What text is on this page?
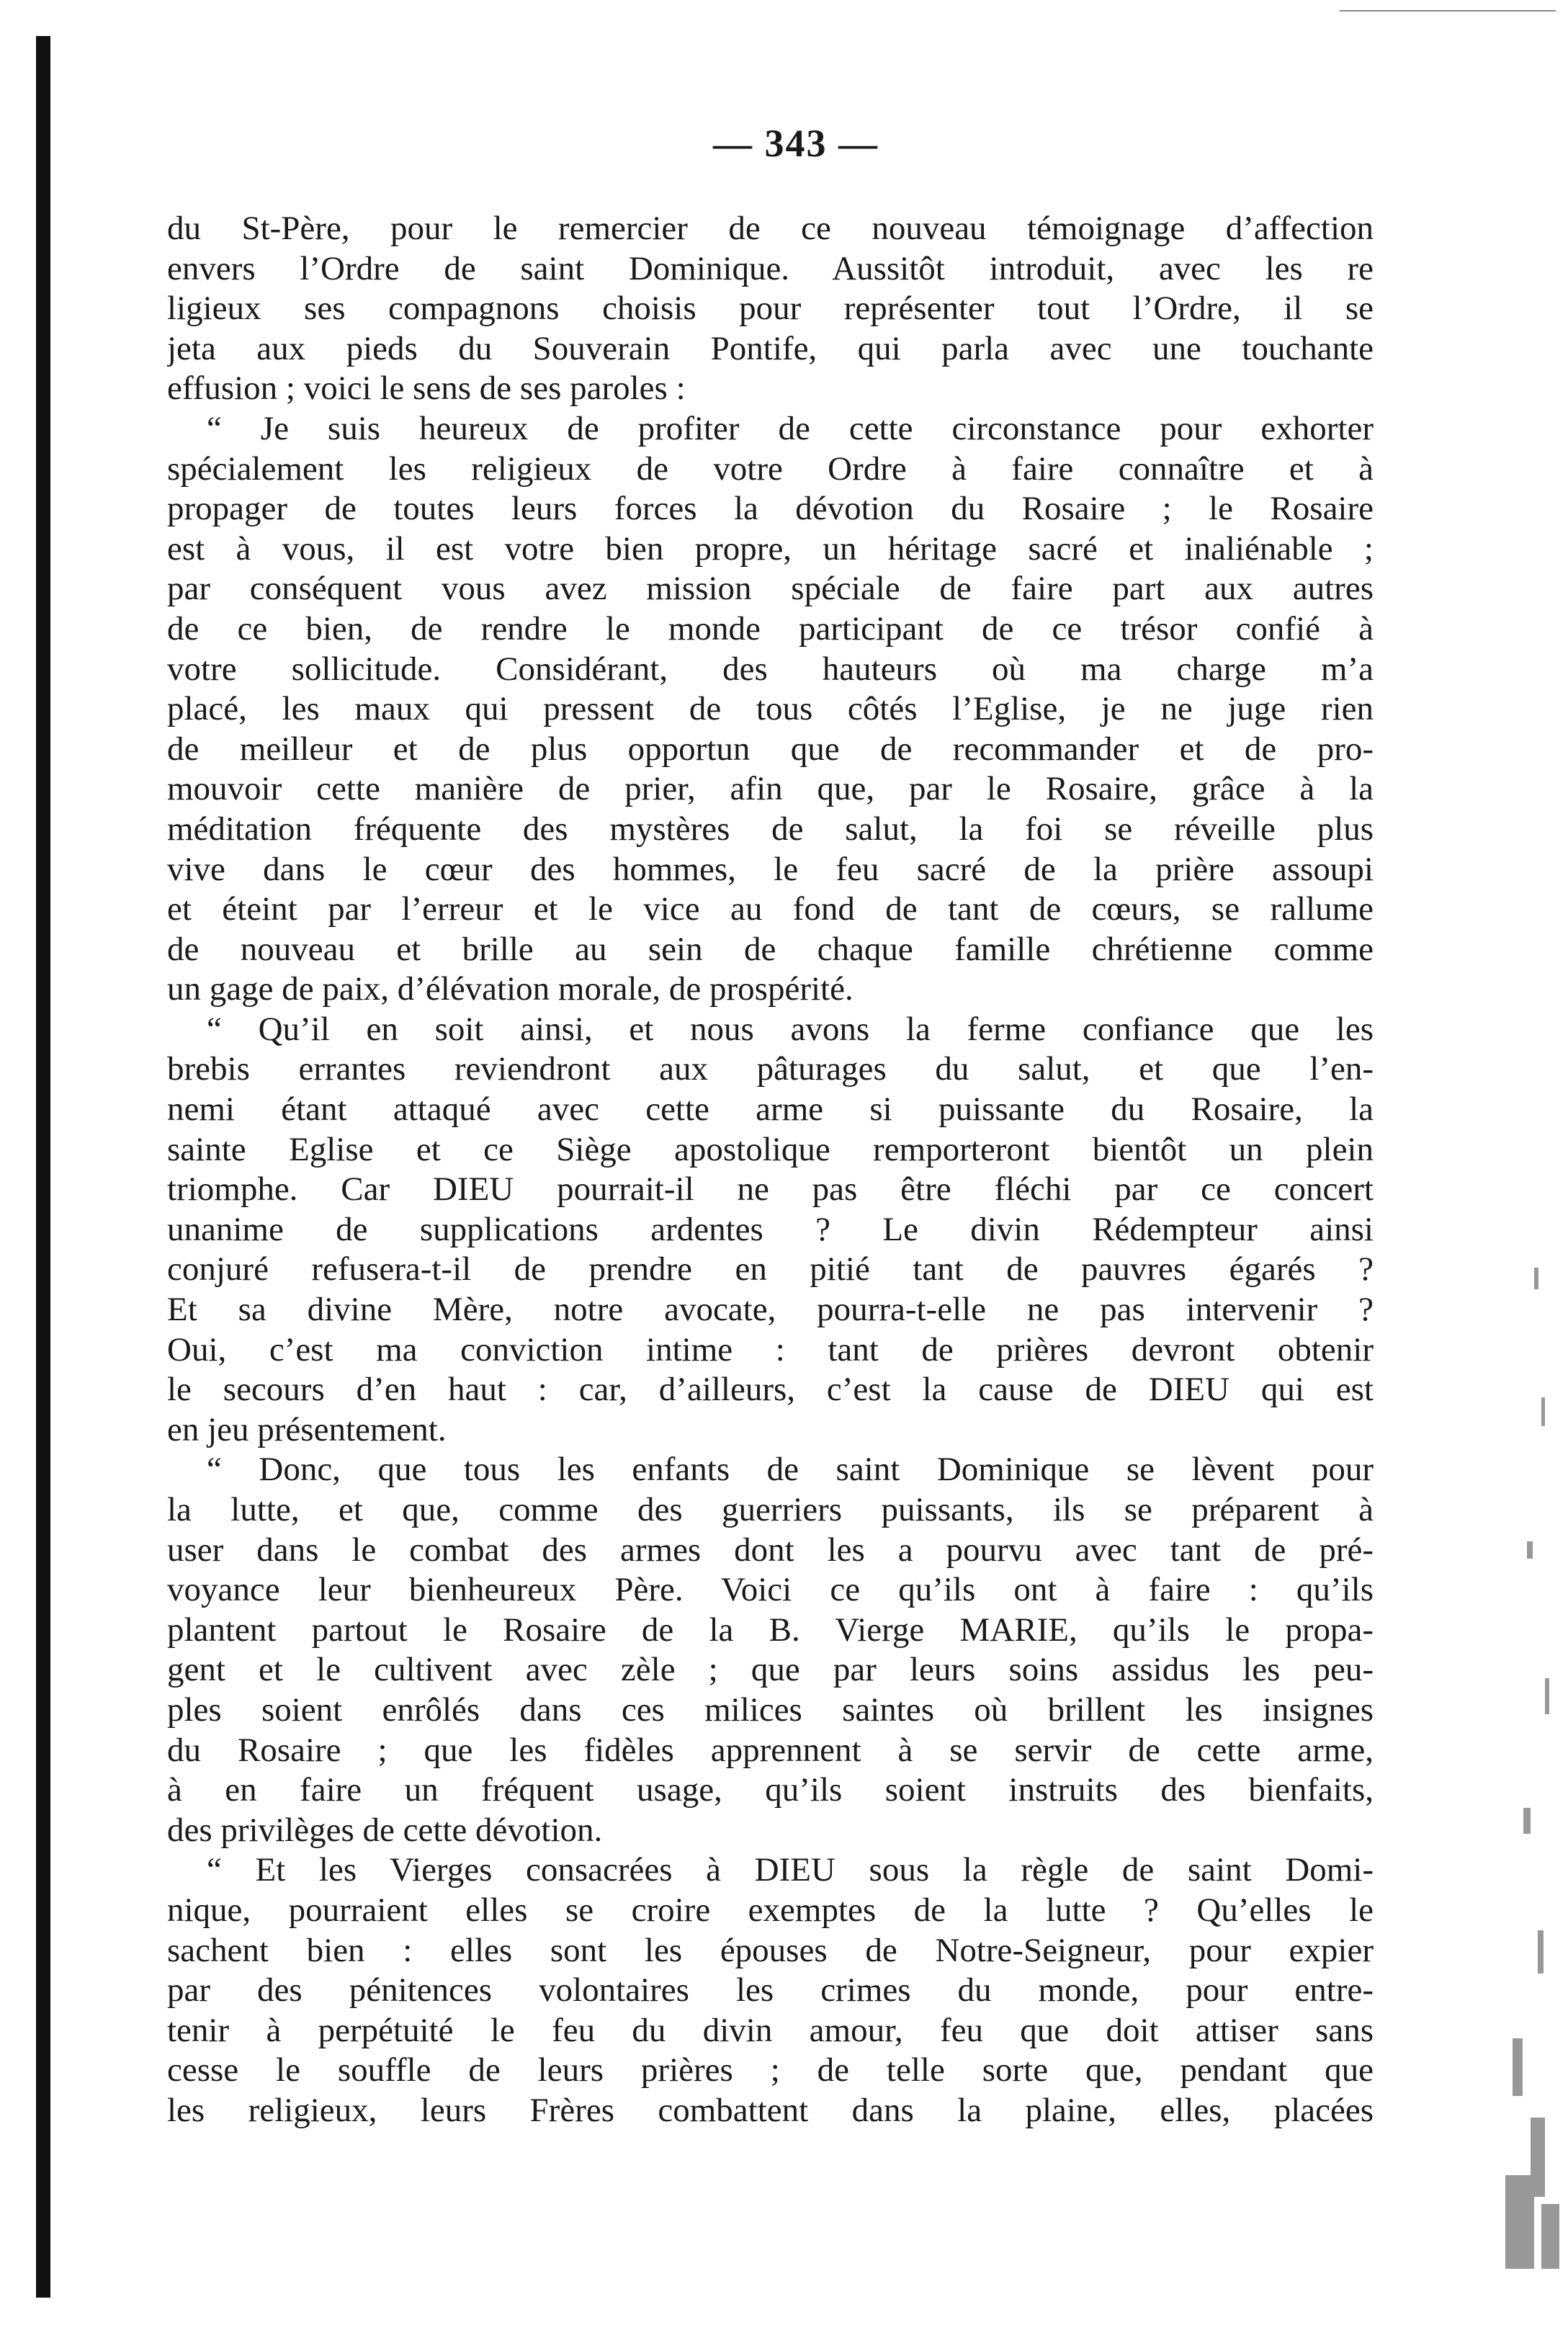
— 343 —
du St-Père, pour le remercier de ce nouveau témoignage d’affection
envers l’Ordre de saint Dominique. Aussitôt introduit, avec les re
ligieux ses compagnons choisis pour représenter tout l’Ordre, il se
jeta aux pieds du Souverain Pontife, qui parla avec une touchante
effusion ; voici le sens de ses paroles :
“ Je suis heureux de profiter de cette circonstance pour exhorter
spécialement les religieux de votre Ordre à faire connaître et à
propager de toutes leurs forces la dévotion du Rosaire ; le Rosaire
est à vous, il est votre bien propre, un héritage sacré et inaliénable ;
par conséquent vous avez mission spéciale de faire part aux autres
de ce bien, de rendre le monde participant de ce trésor confié à
votre sollicitude. Considérant, des hauteurs où ma charge m’a
placé, les maux qui pressent de tous côtés l’Eglise, je ne juge rien
de meilleur et de plus opportun que de recommander et de pro-
mouvoir cette manière de prier, afin que, par le Rosaire, grâce à la
méditation fréquente des mystères de salut, la foi se réveille plus
vive dans le cœur des hommes, le feu sacré de la prière assoupi
et éteint par l’erreur et le vice au fond de tant de cœurs, se rallume
de nouveau et brille au sein de chaque famille chrétienne comme
un gage de paix, d’élévation morale, de prospérité.
“ Qu’il en soit ainsi, et nous avons la ferme confiance que les
brebis errantes reviendront aux pâturages du salut, et que l’en-
nemi étant attaqué avec cette arme si puissante du Rosaire, la
sainte Eglise et ce Siège apostolique remporteront bientôt un plein
triomphe. Car DIEU pourrait-il ne pas être fléchi par ce concert
unanime de supplications ardentes ? Le divin Rédempteur ainsi
conjuré refusera-t-il de prendre en pitié tant de pauvres égarés ?
Et sa divine Mère, notre avocate, pourra-t-elle ne pas intervenir ?
Oui, c’est ma conviction intime : tant de prières devront obtenir
le secours d’en haut : car, d’ailleurs, c’est la cause de DIEU qui est
en jeu présentement.
“ Donc, que tous les enfants de saint Dominique se lèvent pour
la lutte, et que, comme des guerriers puissants, ils se préparent à
user dans le combat des armes dont les a pourvu avec tant de pré-
voyance leur bienheureux Père. Voici ce qu’ils ont à faire : qu’ils
plantent partout le Rosaire de la B. Vierge MARIE, qu’ils le propa-
gent et le cultivent avec zèle ; que par leurs soins assidus les peu-
ples soient enrôlés dans ces milices saintes où brillent les insignes
du Rosaire ; que les fidèles apprennent à se servir de cette arme,
à en faire un fréquent usage, qu’ils soient instruits des bienfaits,
des privilèges de cette dévotion.
“ Et les Vierges consacrées à DIEU sous la règle de saint Domi-
nique, pourraient elles se croire exemptes de la lutte ? Qu’elles le
sachent bien : elles sont les épouses de Notre-Seigneur, pour expier
par des pénitences volontaires les crimes du monde, pour entre-
tenir à perpétuité le feu du divin amour, feu que doit attiser sans
cesse le souffle de leurs prières ; de telle sorte que, pendant que
les religieux, leurs Frères combattent dans la plaine, elles, placées
